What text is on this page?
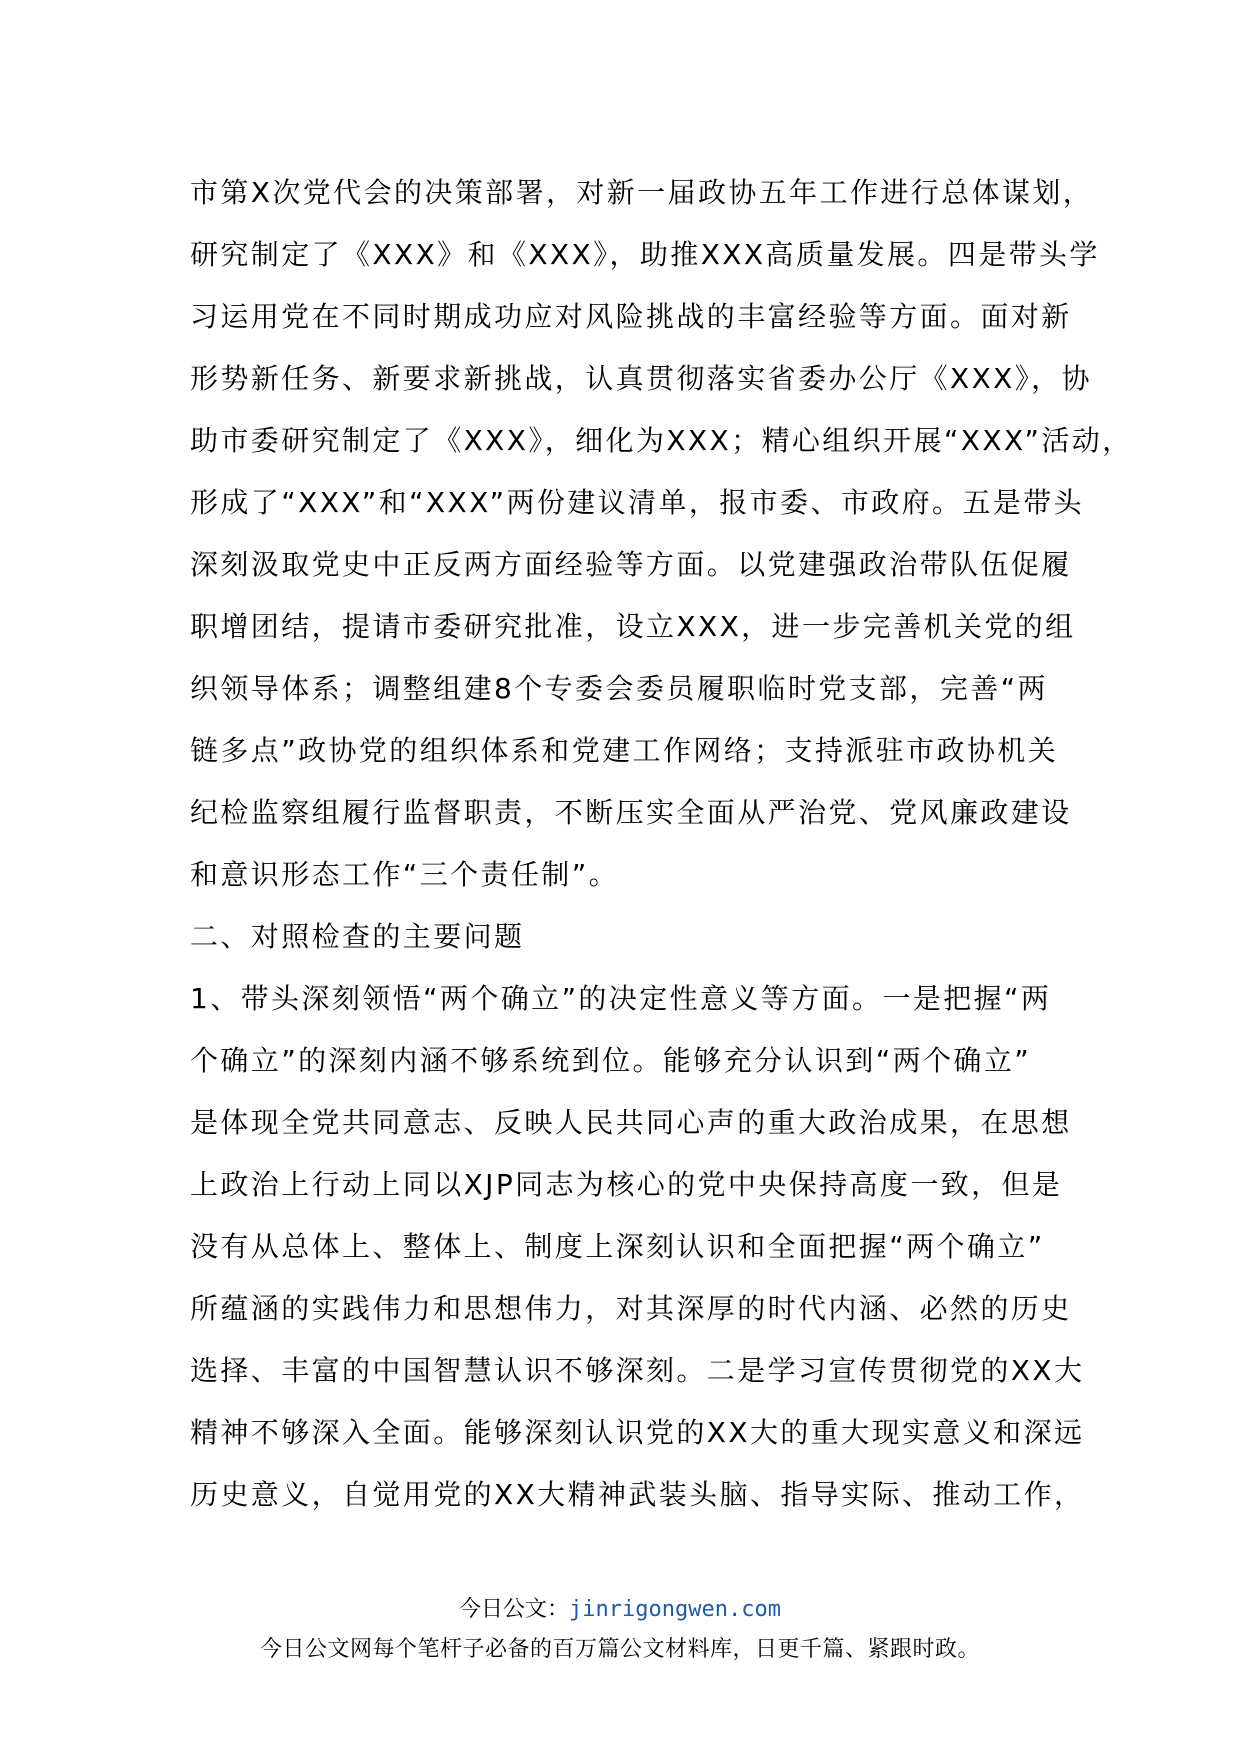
市第X次党代会的决策部署，对新一届政协五年工作进行总体谋划，
研究制定了《XXX》和《XXX》，助推XXX高质量发展。四是带头学
习运用党在不同时期成功应对风险挑战的丰富经验等方面。面对新
形势新任务、新要求新挑战，认真贯彻落实省委办公厅《XXX》，协
助市委研究制定了《XXX》，细化为XXX；精心组织开展“XXX”活动，
形成了“XXX”和“XXX”两份建议清单，报市委、市政府。五是带头
深刻汲取党史中正反两方面经验等方面。以党建强政治带队伍促履
职增团结，提请市委研究批准，设立XXX，进一步完善机关党的组
织领导体系；调整组建8个专委会委员履职临时党支部，完善“两
链多点”政协党的组织体系和党建工作网络；支持派驻市政协机关
纪检监察组履行监督职责，不断压实全面从严治党、党风廉政建设
和意识形态工作“三个责任制”。
二、对照检查的主要问题
1、带头深刻领悟“两个确立”的决定性意义等方面。一是把握“两
个确立”的深刻内涵不够系统到位。能够充分认识到“两个确立”
是体现全党共同意志、反映人民共同心声的重大政治成果，在思想
上政治上行动上同以XJP同志为核心的党中央保持高度一致，但是
没有从总体上、整体上、制度上深刻认识和全面把握“两个确立”
所蕴涵的实践伟力和思想伟力，对其深厚的时代内涵、必然的历史
选择、丰富的中国智慧认识不够深刻。二是学习宣传贯彻党的XX大
精神不够深入全面。能够深刻认识党的XX大的重大现实意义和深远
历史意义，自觉用党的XX大精神武装头脑、指导实际、推动工作，
今日公文：jinrigongwen.com
今日公文网每个笔杆子必备的百万篇公文材料库，日更千篇、紧跟时政。
